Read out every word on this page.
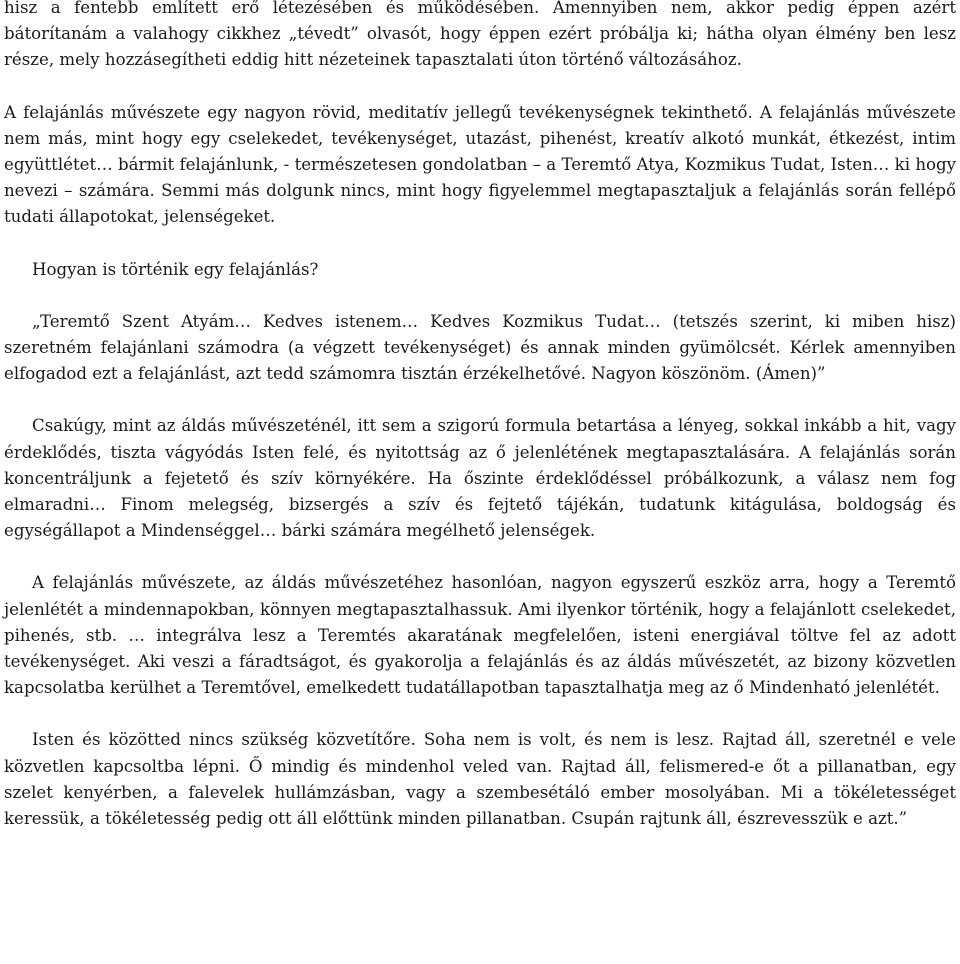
hisz a fentebb említett erő létezésében és működésében. Amennyiben nem, akkor pedig éppen azért bátorítanám a valahogy cikkhez „tévedt” olvasót, hogy éppen ezért próbálja ki; hátha olyan élmény ben lesz része, mely hozzásegítheti eddig hitt nézeteinek tapasztalati úton történő változásához.

A felajánlás művészete egy nagyon rövid, meditatív jellegű tevékenységnek tekinthető. A felajánlás művészete nem más, mint hogy egy cselekedet, tevékenységet, utazást, pihenést, kreatív alkotó munkát, étkezést, intim együttlétet… bármit felajánlunk, - természetesen gondolatban – a Teremtő Atya, Kozmikus Tudat, Isten… ki hogy nevezi – számára. Semmi más dolgunk nincs, mint hogy figyelemmel megtapasztaljuk a felajánlás során fellépő tudati állapotokat, jelenségeket.

Hogyan is történik egy felajánlás?

„Teremtő Szent Atyám… Kedves istenem… Kedves Kozmikus Tudat… (tetszés szerint, ki miben hisz) szeretném felajánlani számodra (a végzett tevékenységet) és annak minden gyümölcsét. Kérlek amennyiben elfogadod ezt a felajánlást, azt tedd számomra tisztán érzékelhetővé. Nagyon köszönöm. (Ámen)”

Csakúgy, mint az áldás művészeténél, itt sem a szigorú formula betartása a lényeg, sokkal inkább a hit, vagy érdeklődés, tiszta vágyódás Isten felé, és nyitottság az ő jelenlétének megtapasztalására. A felajánlás során koncentráljunk a fejetető és szív környékére. Ha őszinte érdeklődéssel próbálkozunk, a válasz nem fog elmaradni… Finom melegség, bizsergés a szív és fejtető tájékán, tudatunk kitágulása, boldogság és egységállapot a Mindenséggel… bárki számára megélhető jelenségek.

A felajánlás művészete, az áldás művészetéhez hasonlóan, nagyon egyszerű eszköz arra, hogy a Teremtő jelenlétét a mindennapokban, könnyen megtapasztalhassuk. Ami ilyenkor történik, hogy a felajánlott cselekedet, pihenés, stb. … integrálva lesz a Teremtés akaratának megfelelően, isteni energiával töltve fel az adott tevékenységet. Aki veszi a fáradtságot, és gyakorolja a felajánlás és az áldás művészetét, az bizony közvetlen kapcsolatba kerülhet a Teremtővel, emelkedett tudatállapotban tapasztalhatja meg az ő Mindenható jelenlétét.

Isten és közötted nincs szükség közvetítőre. Soha nem is volt, és nem is lesz. Rajtad áll, szeretnél e vele közvetlen kapcsoltba lépni. Ő mindig és mindenhol veled van. Rajtad áll, felismered-e őt a pillanatban, egy szelet kenyérben, a falevelek hullámzásban, vagy a szembesétáló ember mosolyában. Mi a tökéletességet keressük, a tökéletesség pedig ott áll előttünk minden pillanatban. Csupán rajtunk áll, észrevesszük e azt.”
